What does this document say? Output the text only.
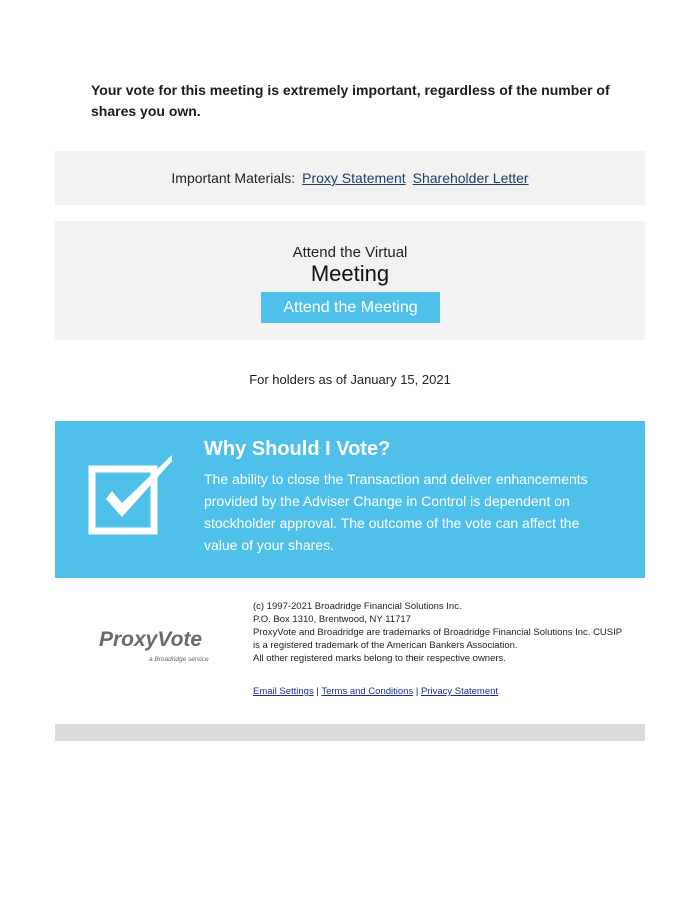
Your vote for this meeting is extremely important, regardless of the number of shares you own.
Important Materials: Proxy Statement Shareholder Letter
Attend the Virtual
Meeting
Attend the Meeting
For holders as of January 15, 2021
Why Should I Vote?

The ability to close the Transaction and deliver enhancements provided by the Adviser Change in Control is dependent on stockholder approval. The outcome of the vote can affect the value of your shares.

ProxyVote
a Broadridge service
(c) 1997-2021 Broadridge Financial Solutions Inc.
P.O. Box 1310, Brentwood, NY 11717
ProxyVote and Broadridge are trademarks of Broadridge Financial Solutions Inc. CUSIP is a registered trademark of the American Bankers Association.
All other registered marks belong to their respective owners.
Email Settings | Terms and Conditions | Privacy Statement
